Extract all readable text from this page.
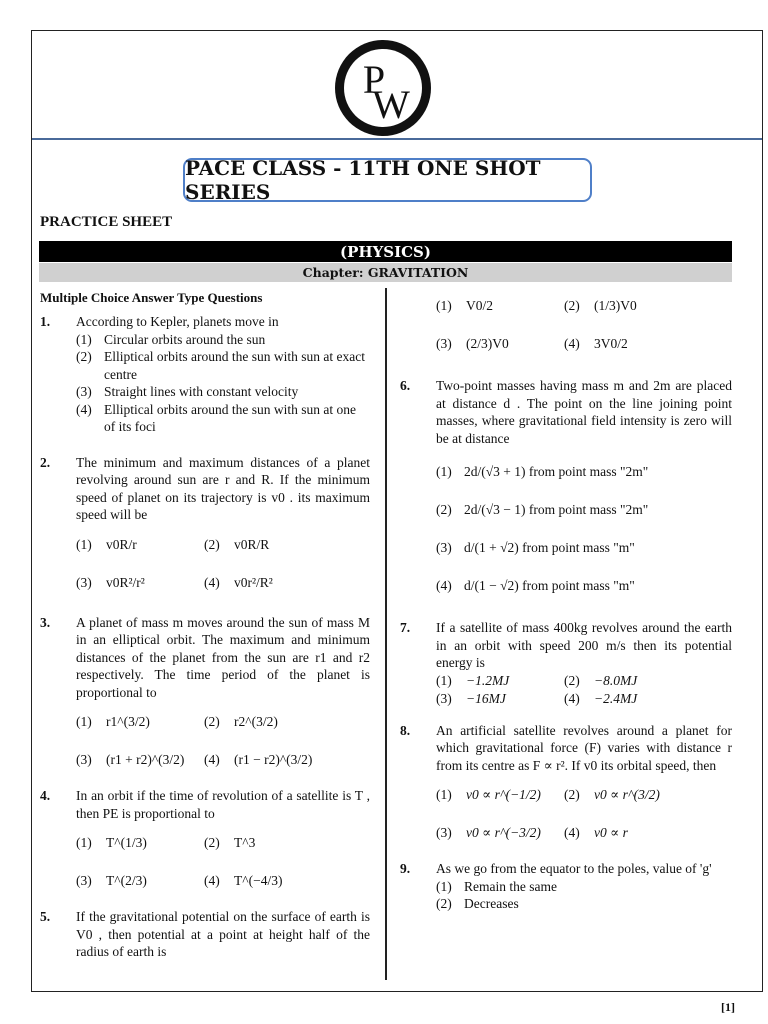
P
W
PACE CLASS - 11TH ONE SHOT SERIES
PRACTICE SHEET
(PHYSICS)
Chapter: GRAVITATION
Multiple Choice Answer Type Questions
1. According to Kepler, planets move in
(1) Circular orbits around the sun
(2) Elliptical orbits around the sun with sun at exact centre
(3) Straight lines with constant velocity
(4) Elliptical orbits around the sun with sun at one of its foci
2. The minimum and maximum distances of a planet revolving around sun are r and R. If the minimum speed of planet on its trajectory is v0 . its maximum speed will be
(1)	v0R/r	(2)	v0R/R
(3)	v0R²/r²	(4)	v0r²/R²
3. A planet of mass m moves around the sun of mass M in an elliptical orbit. The maximum and minimum distances of the planet from the sun are r1 and r2 respectively. The time period of the planet is proportional to
(1)	r1^(3/2)	(2)	r2^(3/2)
(3)	(r1 + r2)^(3/2) (4)	(r1 − r2)^(3/2)
4. In an orbit if the time of revolution of a satellite is T , then PE is proportional to
(1)	T^(1/3)	(2)	T^3
(3)	T^(2/3)	(4)	T^(−4/3)
5. If the gravitational potential on the surface of earth is V0 , then potential at a point at height half of the radius of earth is
(1)	V0/2	(2)	(1/3)V0
(3)	(2/3)V0	(4)	3V0/2
6. Two-point masses having mass m and 2m are placed at distance d . The point on the line joining point masses, where gravitational field intensity is zero will be at distance
(1) 2d/(√3 + 1) from point mass "2m"
(2) 2d/(√3 − 1) from point mass "2m"
(3) d/(1 + √2) from point mass "m"
(4) d/(1 − √2) from point mass "m"
7. If a satellite of mass 400kg revolves around the earth in an orbit with speed 200 m/s then its potential energy is
(1)	−1.2MJ	(2)	−8.0MJ
(3)	−16MJ	(4)	−2.4MJ
8. An artificial satellite revolves around a planet for which gravitational force (F) varies with distance r from its centre as F ∝ r². If v0 its orbital speed, then
(1)	v0 ∝ r^(−1/2) (2)	v0 ∝ r^(3/2)
(3)	v0 ∝ r^(−3/2) (4)	v0 ∝ r
9. As we go from the equator to the poles, value of 'g'
(1) Remain the same
(2) Decreases
[1]
